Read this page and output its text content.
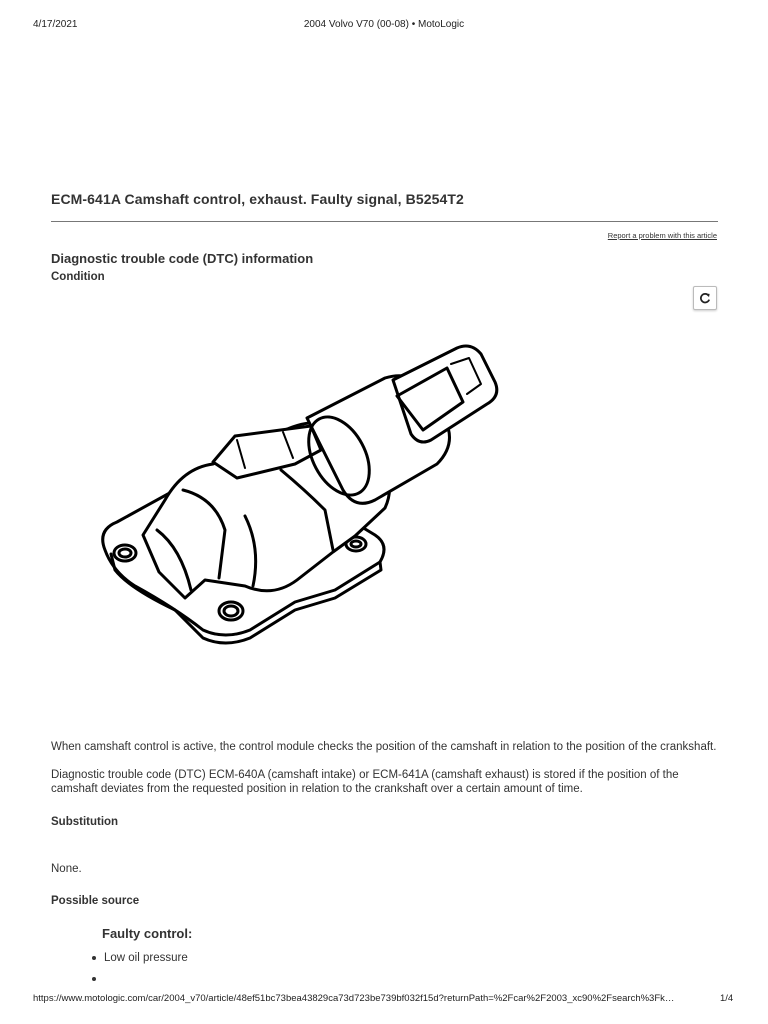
4/17/2021	2004 Volvo V70 (00-08) • MotoLogic
ECM-641A Camshaft control, exhaust. Faulty signal, B5254T2
Report a problem with this article
Diagnostic trouble code (DTC) information
Condition
When camshaft control is active, the control module checks the position of the camshaft in relation to the position of the crankshaft.
Diagnostic trouble code (DTC) ECM-640A (camshaft intake) or ECM-641A (camshaft exhaust) is stored if the position of the camshaft deviates from the requested position in relation to the crankshaft over a certain amount of time.
Substitution
None.
Possible source
Faulty control:
Low oil pressure
https://www.motologic.com/car/2004_v70/article/48ef51bc73bea43829ca73d723be739bf032f15d?returnPath=%2Fcar%2F2003_xc90%2Fsearch%3Fk…	1/4
